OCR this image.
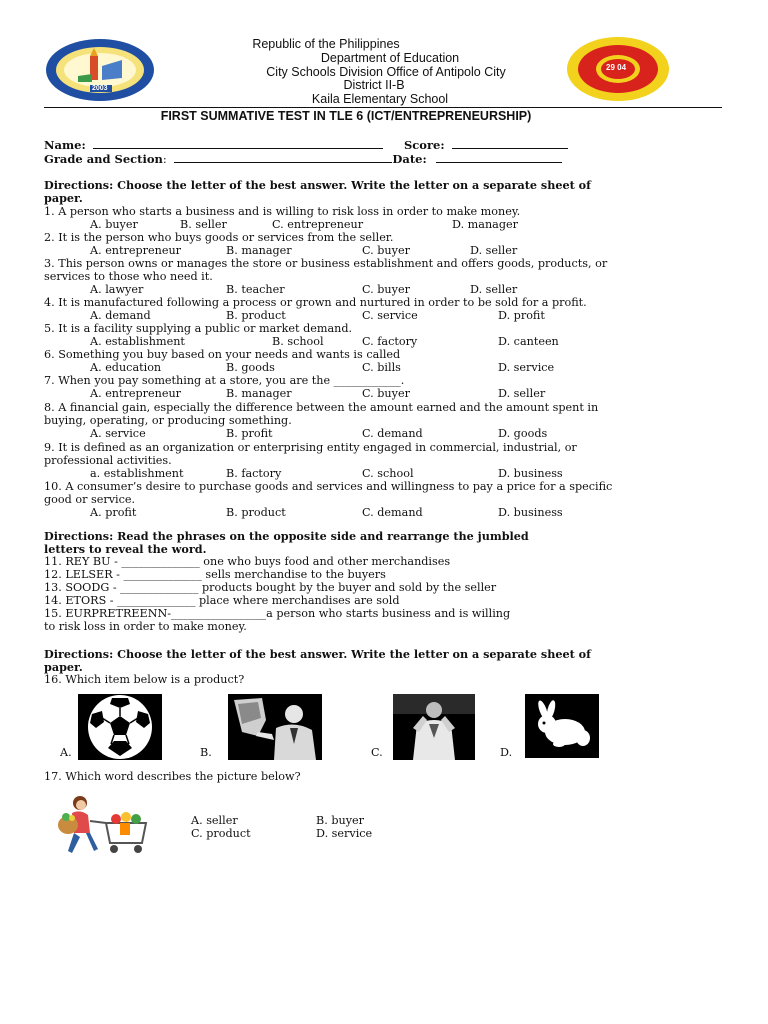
2003
29 04
Republic of the Philippines
Department of Education
City Schools Division Office of Antipolo City
District II-B
Kaila Elementary School
FIRST SUMMATIVE TEST IN TLE 6 (ICT/ENTREPRENEURSHIP)
Name:	Score:
Grade and Section:	Date:
Directions: Choose the letter of the best answer. Write the letter on a separate sheet of
paper.
1. A person who starts a business and is willing to risk loss in order to make money.
A. buyer	B. seller	C. entrepreneur	D. manager
2. It is the person who buys goods or services from the seller.
A. entrepreneur	B. manager	C. buyer	D. seller
3. This person owns or manages the store or business establishment and offers goods, products, or
services to those who need it.
A. lawyer	B. teacher	C. buyer	D. seller
4. It is manufactured following a process or grown and nurtured in order to be sold for a profit.
A. demand	B. product	C. service	D. profit
5. It is a facility supplying a public or market demand.
A. establishment	B. school	C. factory	D. canteen
6. Something you buy based on your needs and wants is called
A. education	B. goods	C. bills	D. service
7. When you pay something at a store, you are the ____________.
A. entrepreneur	B. manager	C. buyer	D. seller
8. A financial gain, especially the difference between the amount earned and the amount spent in
buying, operating, or producing something.
A. service	B. profit	C. demand	D. goods
9. It is defined as an organization or enterprising entity engaged in commercial, industrial, or
professional activities.
a. establishment	B. factory	C. school	D. business
10. A consumer’s desire to purchase goods and services and willingness to pay a price for a specific
good or service.
A. profit	B. product	C. demand	D. business
Directions: Read the phrases on the opposite side and rearrange the jumbled
letters to reveal the word.
11. REY BU - ______________ one who buys food and other merchandises
12. LELSER - ______________ sells merchandise to the buyers
13. SOODG - ______________ products bought by the buyer and sold by the seller
14. ETORS - ______________ place where merchandises are sold
15. EURPRETREENN-_________________a person who starts business and is willing
to risk loss in order to make money.
Directions: Choose the letter of the best answer. Write the letter on a separate sheet of
paper.
16. Which item below is a product?
A.	B.	C.	D.
17. Which word describes the picture below?
A. seller	B. buyer
C. product	D. service
